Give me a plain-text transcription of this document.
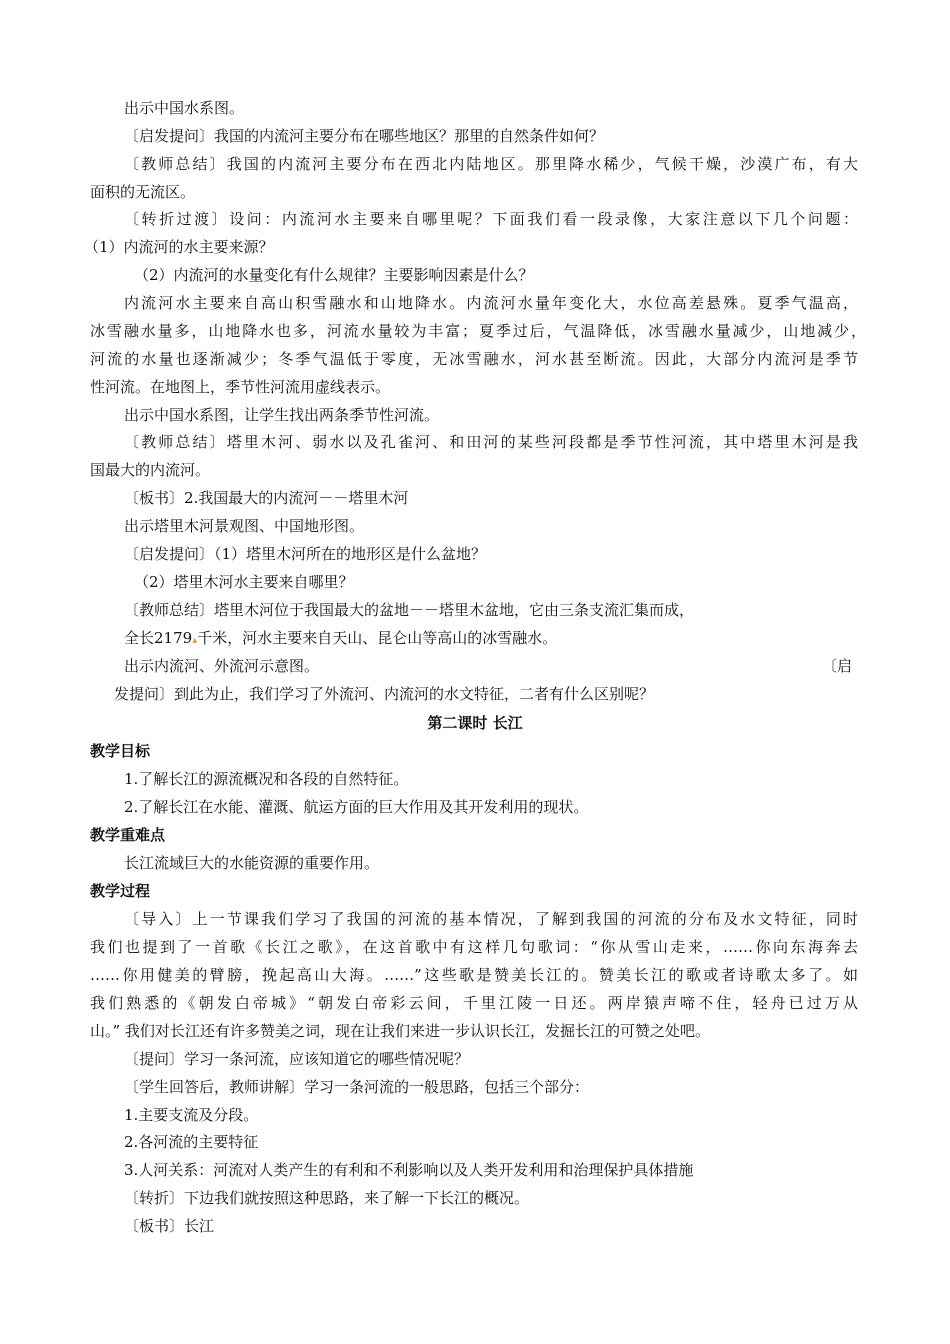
出示中国水系图。
〔启发提问〕我国的内流河主要分布在哪些地区？那里的自然条件如何？
〔教师总结〕我国的内流河主要分布在西北内陆地区。那里降水稀少，气候干燥，沙漠广布，有大
面积的无流区。
〔转折过渡〕设问：内流河水主要来自哪里呢？下面我们看一段录像，大家注意以下几个问题：
（1）内流河的水主要来源？
（2）内流河的水量变化有什么规律？主要影响因素是什么？
内流河水主要来自高山积雪融水和山地降水。内流河水量年变化大，水位高差悬殊。夏季气温高，
冰雪融水量多，山地降水也多，河流水量较为丰富；夏季过后，气温降低，冰雪融水量减少，山地减少，
河流的水量也逐渐减少；冬季气温低于零度，无冰雪融水，河水甚至断流。因此，大部分内流河是季节
性河流。在地图上，季节性河流用虚线表示。
出示中国水系图，让学生找出两条季节性河流。
〔教师总结〕塔里木河、弱水以及孔雀河、和田河的某些河段都是季节性河流，其中塔里木河是我
国最大的内流河。
〔板书〕2.我国最大的内流河－－塔里木河
出示塔里木河景观图、中国地形图。
〔启发提问〕（1）塔里木河所在的地形区是什么盆地？
（2）塔里木河水主要来自哪里？
〔教师总结〕塔里木河位于我国最大的盆地－－塔里木盆地，它由三条支流汇集而成，
全长2179▴千米，河水主要来自天山、昆仑山等高山的冰雪融水。
出示内流河、外流河示意图。	〔启
发提问〕到此为止，我们学习了外流河、内流河的水文特征，二者有什么区别呢？
第二课时 长江
教学目标
1.了解长江的源流概况和各段的自然特征。
2.了解长江在水能、灌溉、航运方面的巨大作用及其开发利用的现状。
教学重难点
长江流域巨大的水能资源的重要作用。
教学过程
〔导入〕上一节课我们学习了我国的河流的基本情况，了解到我国的河流的分布及水文特征，同时
我们也提到了一首歌《长江之歌》，在这首歌中有这样几句歌词：“你从雪山走来，……你向东海奔去
……你用健美的臂膀，挽起高山大海。……”这些歌是赞美长江的。赞美长江的歌或者诗歌太多了。如
我们熟悉的《朝发白帝城》“朝发白帝彩云间，千里江陵一日还。两岸猿声啼不住，轻舟已过万从
山。” 我们对长江还有许多赞美之词，现在让我们来进一步认识长江，发掘长江的可赞之处吧。
〔提问〕学习一条河流，应该知道它的哪些情况呢？
〔学生回答后，教师讲解〕学习一条河流的一般思路，包括三个部分：
1.主要支流及分段。
2.各河流的主要特征
3.人河关系：河流对人类产生的有利和不利影响以及人类开发利用和治理保护具体措施
〔转折〕下边我们就按照这种思路，来了解一下长江的概况。
〔板书〕长江
